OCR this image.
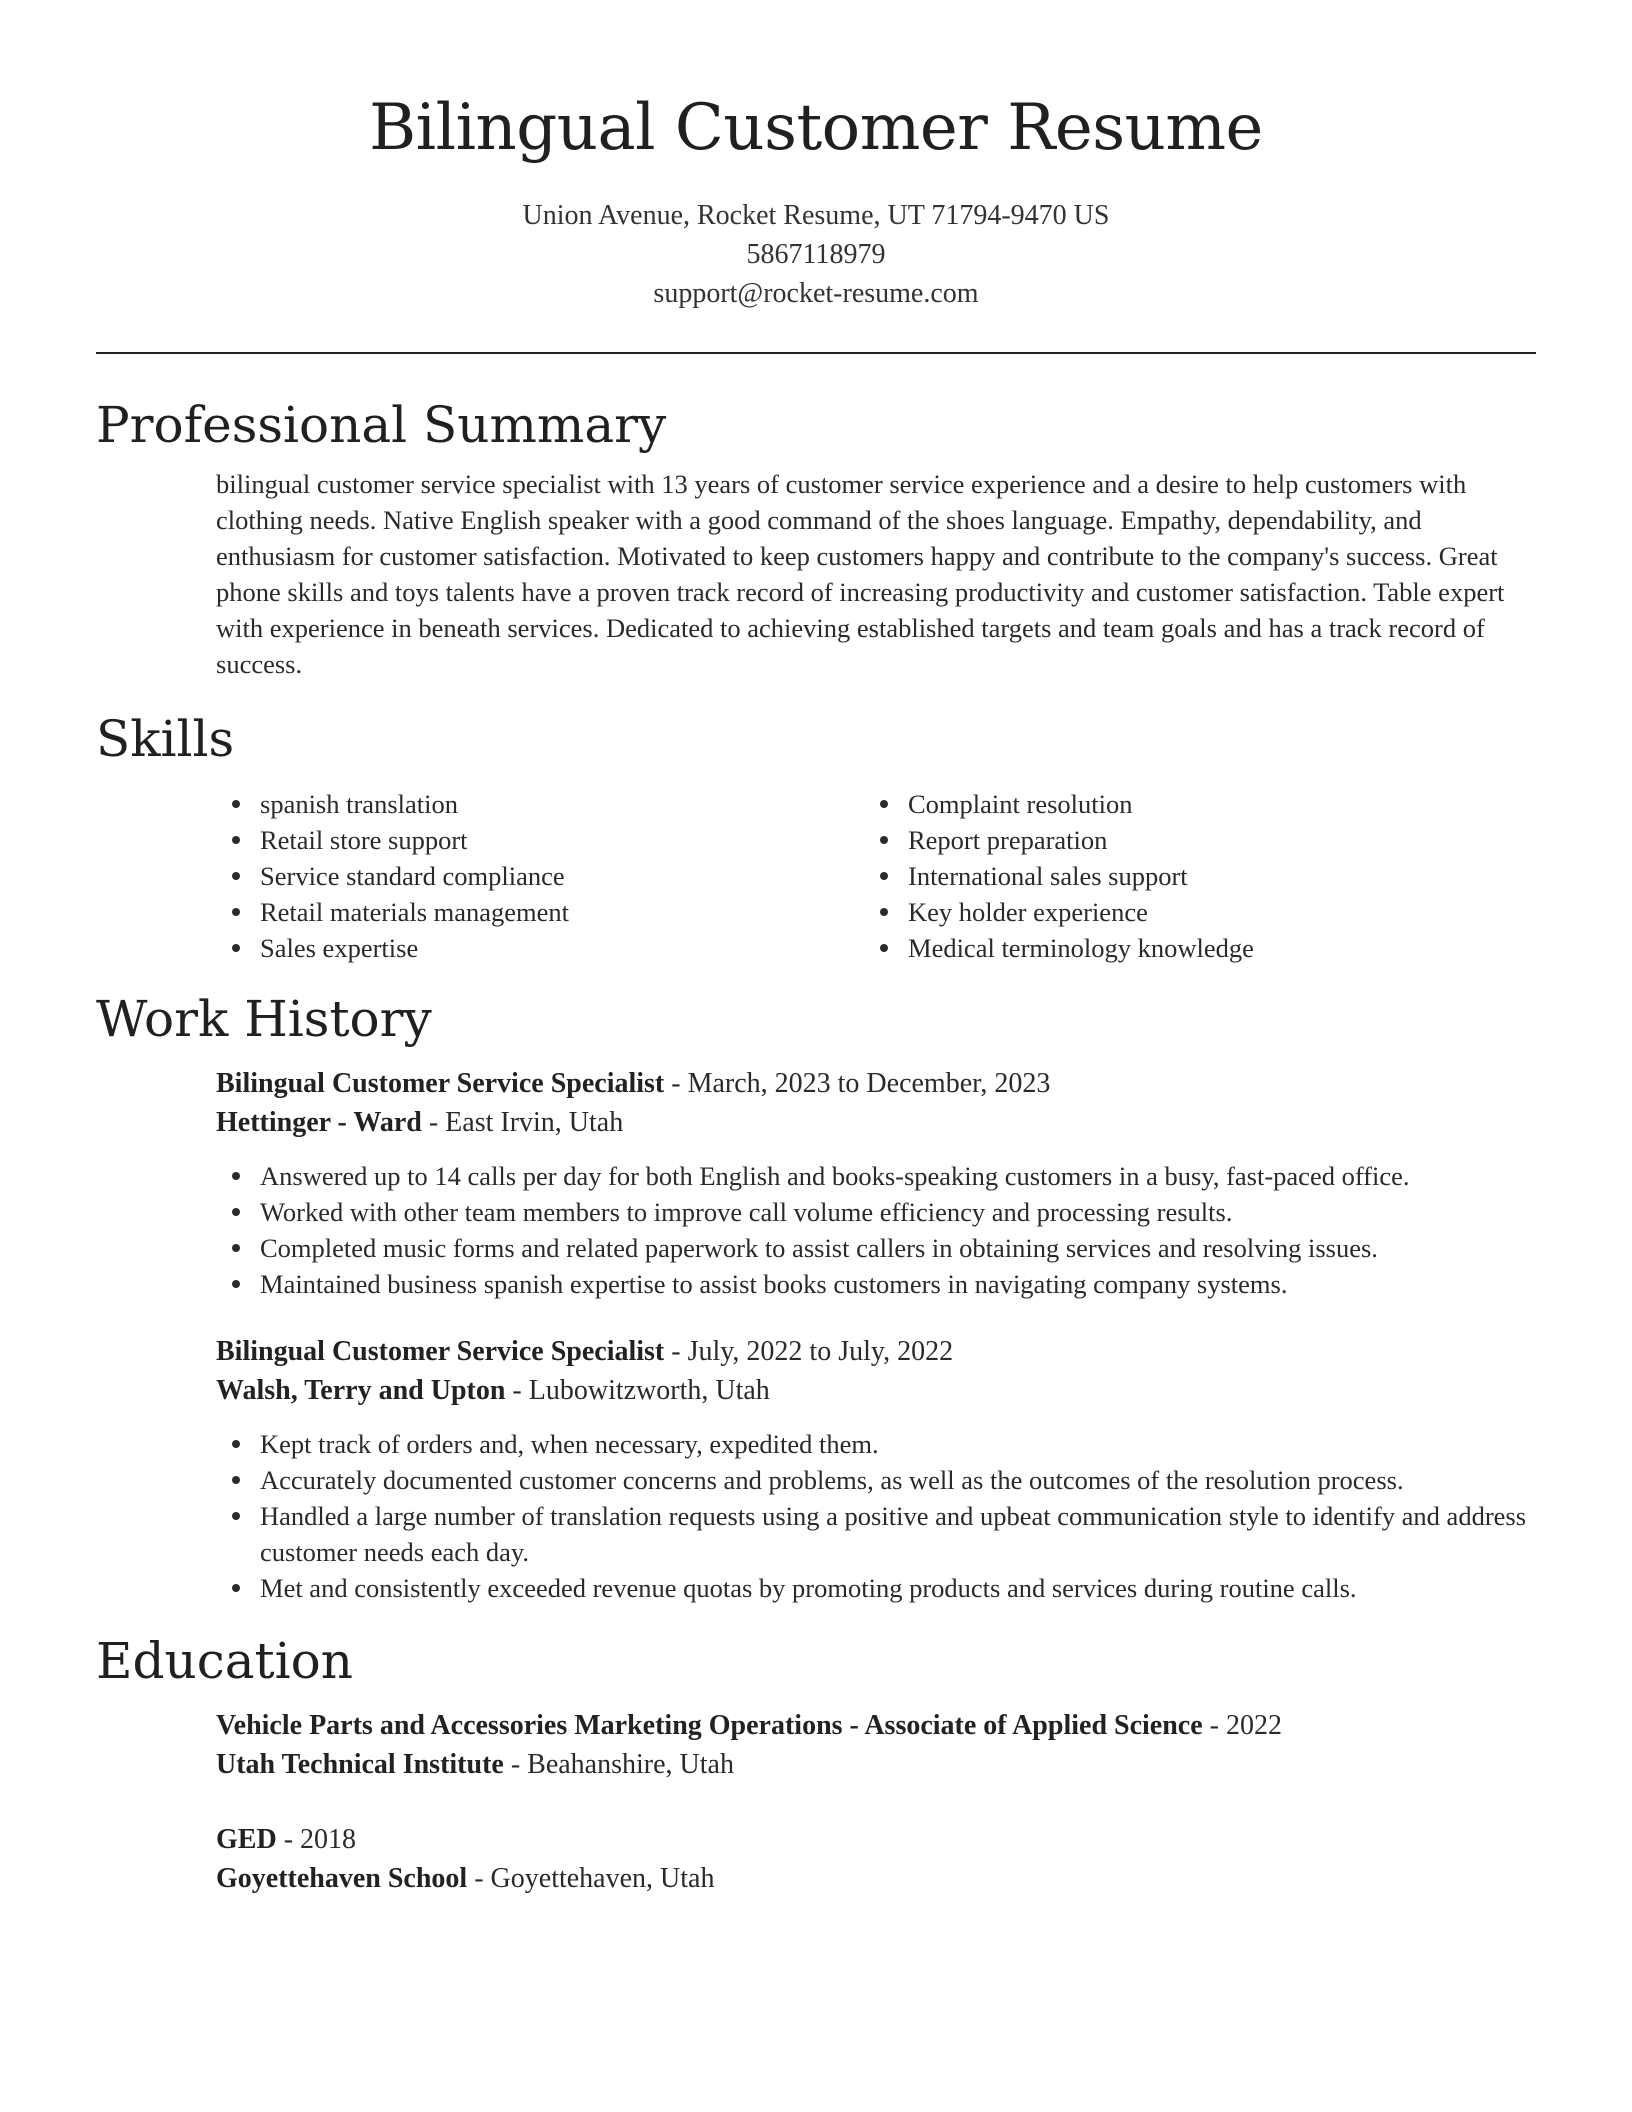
Bilingual Customer Resume
Union Avenue, Rocket Resume, UT 71794-9470 US
5867118979
support@rocket-resume.com
Professional Summary

bilingual customer service specialist with 13 years of customer service experience and a desire to help customers with clothing needs. Native English speaker with a good command of the shoes language. Empathy, dependability, and enthusiasm for customer satisfaction. Motivated to keep customers happy and contribute to the company's success. Great phone skills and toys talents have a proven track record of increasing productivity and customer satisfaction. Table expert with experience in beneath services. Dedicated to achieving established targets and team goals and has a track record of success.

Skills
spanish translation
Retail store support
Service standard compliance
Retail materials management
Sales expertise
Complaint resolution
Report preparation
International sales support
Key holder experience
Medical terminology knowledge
Work History
Bilingual Customer Service Specialist - March, 2023 to December, 2023
Hettinger - Ward - East Irvin, Utah
Answered up to 14 calls per day for both English and books-speaking customers in a busy, fast-paced office.
Worked with other team members to improve call volume efficiency and processing results.
Completed music forms and related paperwork to assist callers in obtaining services and resolving issues.
Maintained business spanish expertise to assist books customers in navigating company systems.
Bilingual Customer Service Specialist - July, 2022 to July, 2022
Walsh, Terry and Upton - Lubowitzworth, Utah
Kept track of orders and, when necessary, expedited them.
Accurately documented customer concerns and problems, as well as the outcomes of the resolution process.
Handled a large number of translation requests using a positive and upbeat communication style to identify and address customer needs each day.
Met and consistently exceeded revenue quotas by promoting products and services during routine calls.
Education
Vehicle Parts and Accessories Marketing Operations - Associate of Applied Science - 2022
Utah Technical Institute - Beahanshire, Utah
GED - 2018
Goyettehaven School - Goyettehaven, Utah
